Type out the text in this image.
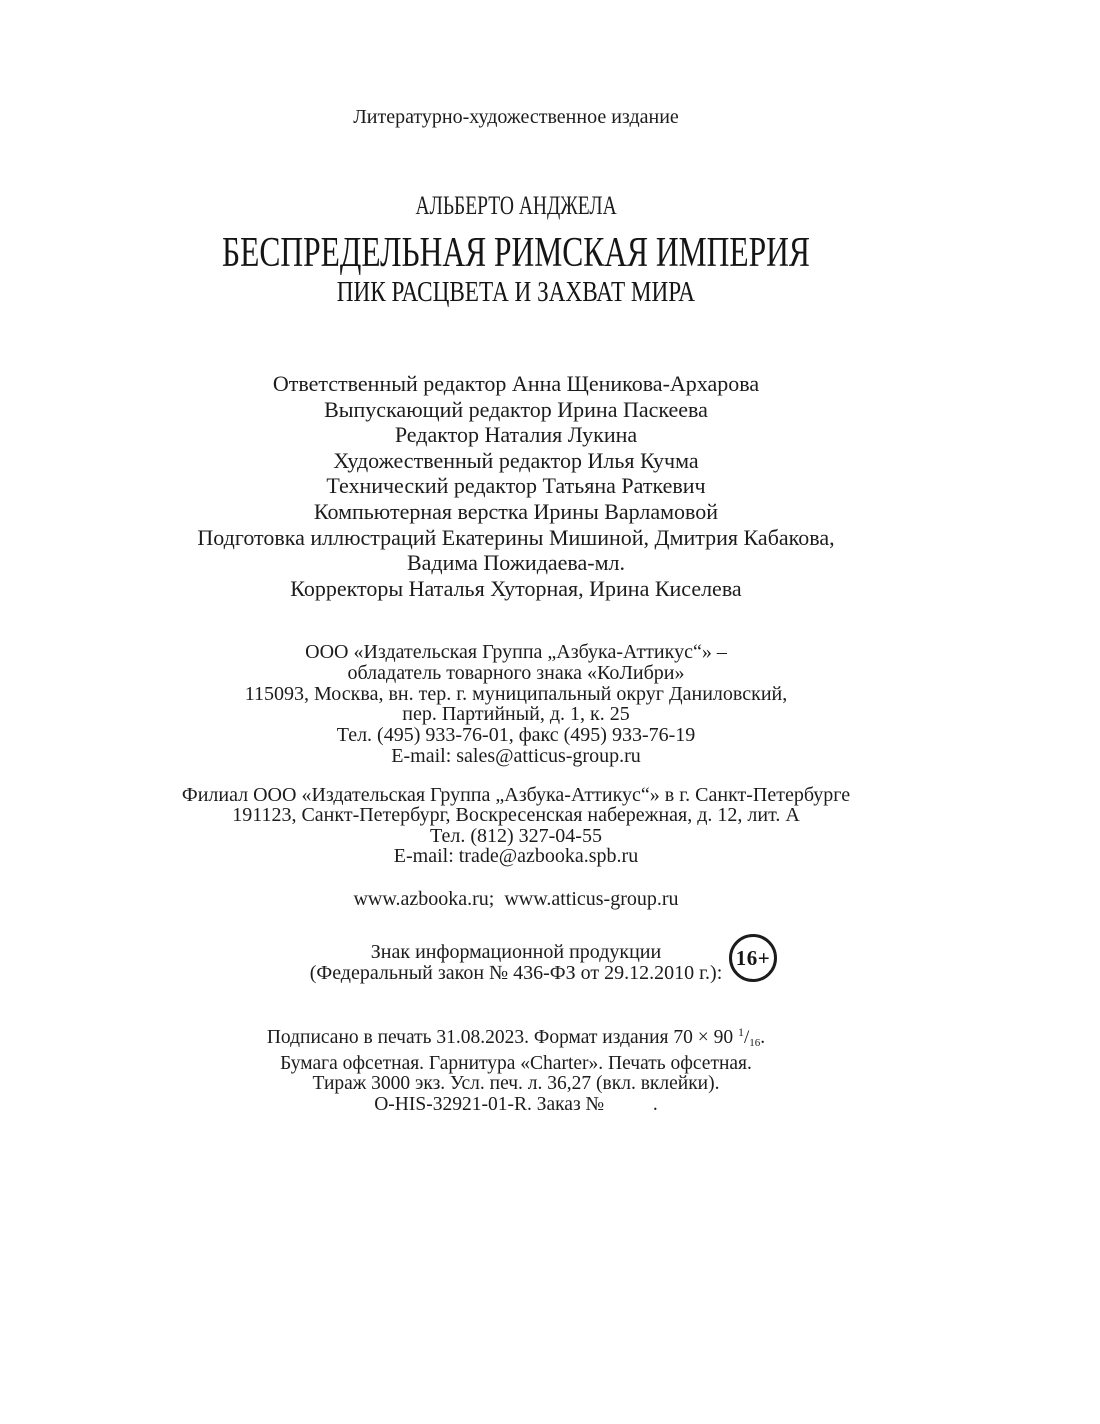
Литературно-художественное издание
АЛЬБЕРТО АНДЖЕЛА
БЕСПРЕДЕЛЬНАЯ РИМСКАЯ ИМПЕРИЯ
ПИК РАСЦВЕТА И ЗАХВАТ МИРА
Ответственный редактор Анна Щеникова-Архарова
Выпускающий редактор Ирина Паскеева
Редактор Наталия Лукина
Художественный редактор Илья Кучма
Технический редактор Татьяна Раткевич
Компьютерная верстка Ирины Варламовой
Подготовка иллюстраций Екатерины Мишиной, Дмитрия Кабакова,
Вадима Пожидаева-мл.
Корректоры Наталья Хуторная, Ирина Киселева
ООО «Издательская Группа „Азбука-Аттикус“» –
обладатель товарного знака «КоЛибри»
115093, Москва, вн. тер. г. муниципальный округ Даниловский,
пер. Партийный, д. 1, к. 25
Тел. (495) 933-76-01, факс (495) 933-76-19
E-mail: sales@atticus-group.ru
Филиал ООО «Издательская Группа „Азбука-Аттикус“» в г. Санкт-Петербурге
191123, Санкт-Петербург, Воскресенская набережная, д. 12, лит. А
Тел. (812) 327-04-55
E-mail: trade@azbooka.spb.ru
www.azbooka.ru;  www.atticus-group.ru
Знак информационной продукции
(Федеральный закон № 436-ФЗ от 29.12.2010 г.):
16+
Подписано в печать 31.08.2023. Формат издания 70 × 90 $^1$/16.
Бумага офсетная. Гарнитура «Charter». Печать офсетная.
Тираж 3000 экз. Усл. печ. л. 36,27 (вкл. вклейки).
O-HIS-32921-01-R. Заказ №          .
